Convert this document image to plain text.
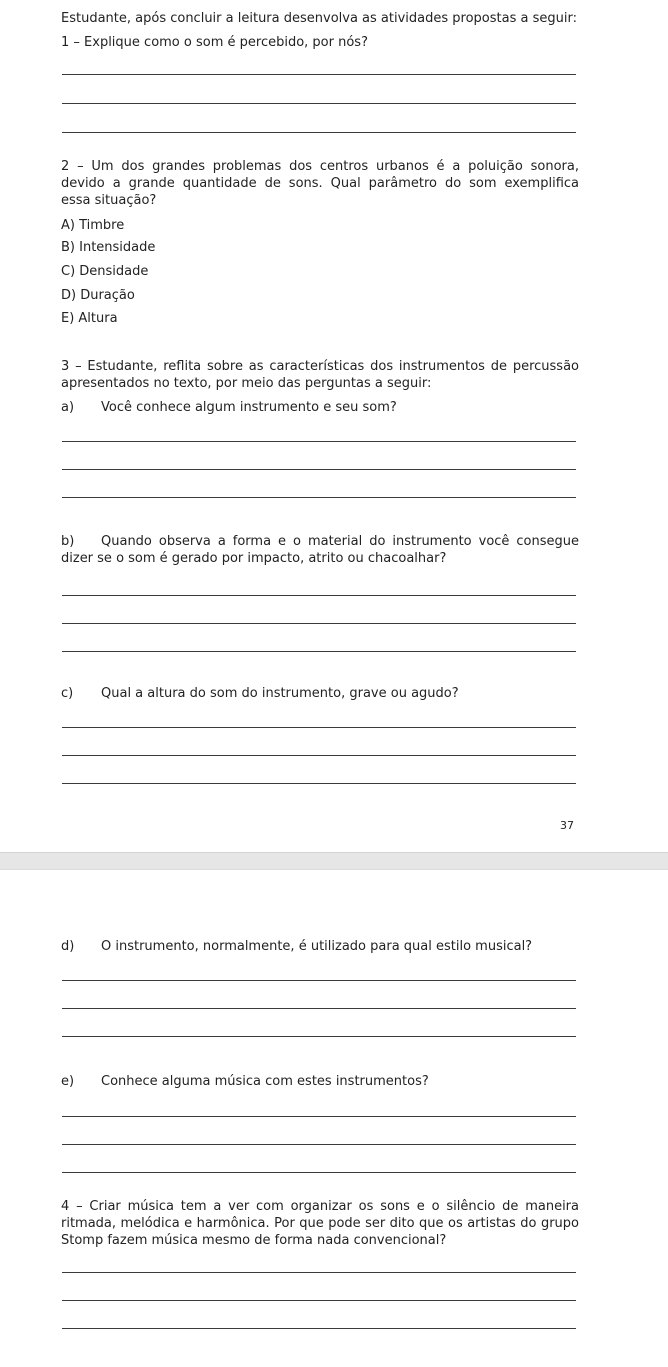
Estudante, após concluir a leitura desenvolva as atividades propostas a seguir:
1 – Explique como o som é percebido, por nós?
2 – Um dos grandes problemas dos centros urbanos é a poluição sonora,
devido a grande quantidade de sons. Qual parâmetro do som exemplifica
essa situação?
A) Timbre
B) Intensidade
C) Densidade
D) Duração
E) Altura
3 – Estudante, reflita sobre as características dos instrumentos de percussão
apresentados no texto, por meio das perguntas a seguir:
a) Você conhece algum instrumento e seu som?
b) Quando observa a forma e o material do instrumento você consegue
dizer se o som é gerado por impacto, atrito ou chacoalhar?
c) Qual a altura do som do instrumento, grave ou agudo?
37
d) O instrumento, normalmente, é utilizado para qual estilo musical?
e) Conhece alguma música com estes instrumentos?
4 – Criar música tem a ver com organizar os sons e o silêncio de maneira
ritmada, melódica e harmônica. Por que pode ser dito que os artistas do grupo
Stomp fazem música mesmo de forma nada convencional?
